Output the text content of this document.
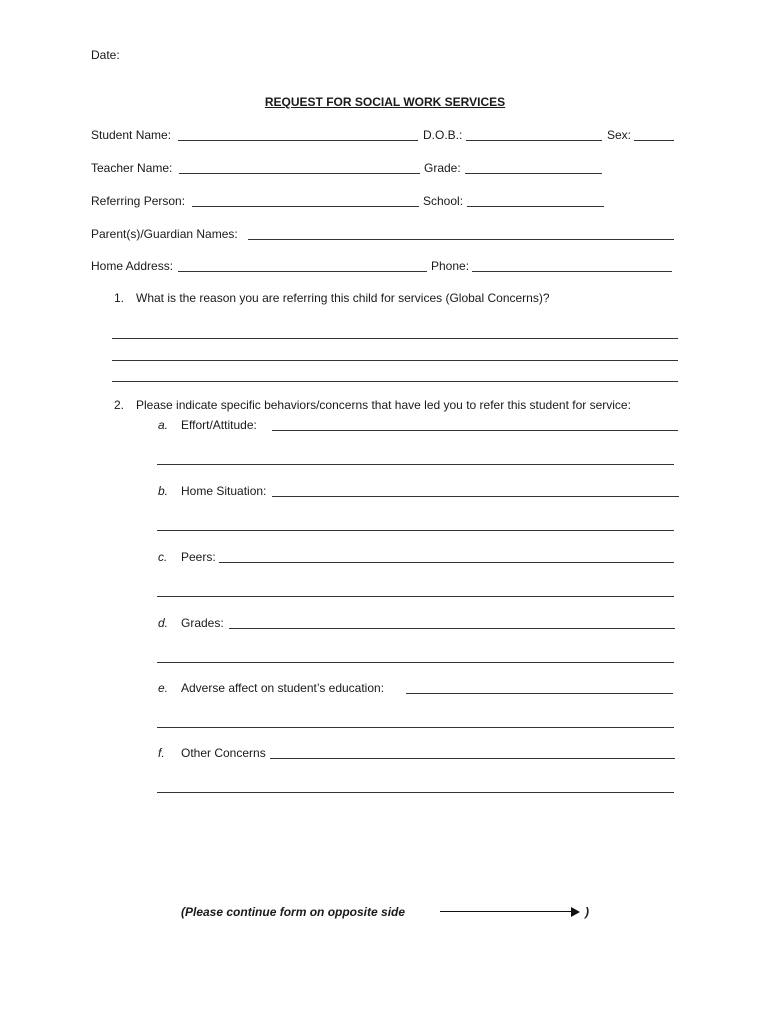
Date:
REQUEST FOR SOCIAL WORK SERVICES
Student Name:	D.O.B.:	Sex:
Teacher Name:	Grade:
Referring Person:	School:
Parent(s)/Guardian Names:
Home Address:	Phone:
1. What is the reason you are referring this child for services (Global Concerns)?
2. Please indicate specific behaviors/concerns that have led you to refer this student for service:
a. Effort/Attitude:
b. Home Situation:
c. Peers:
d. Grades:
e. Adverse affect on student’s education:
f. Other Concerns
(Please continue form on opposite side	)
